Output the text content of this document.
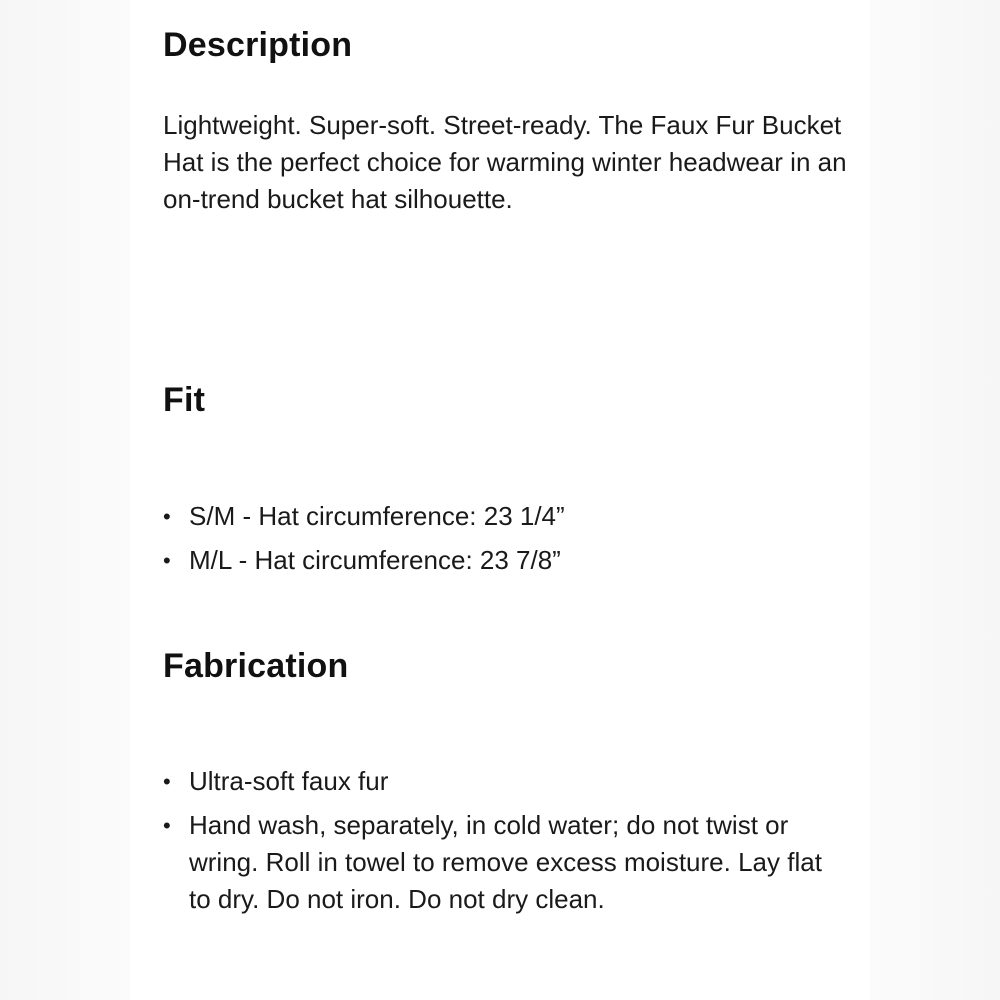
Description

Lightweight. Super-soft. Street-ready. The Faux Fur Bucket Hat is the perfect choice for warming winter headwear in an on-trend bucket hat silhouette.

Fit
• S/M - Hat circumference: 23 1/4”
• M/L - Hat circumference: 23 7/8”
Fabrication
• Ultra-soft faux fur
• Hand wash, separately, in cold water; do not twist or wring. Roll in towel to remove excess moisture. Lay flat to dry. Do not iron. Do not dry clean.
